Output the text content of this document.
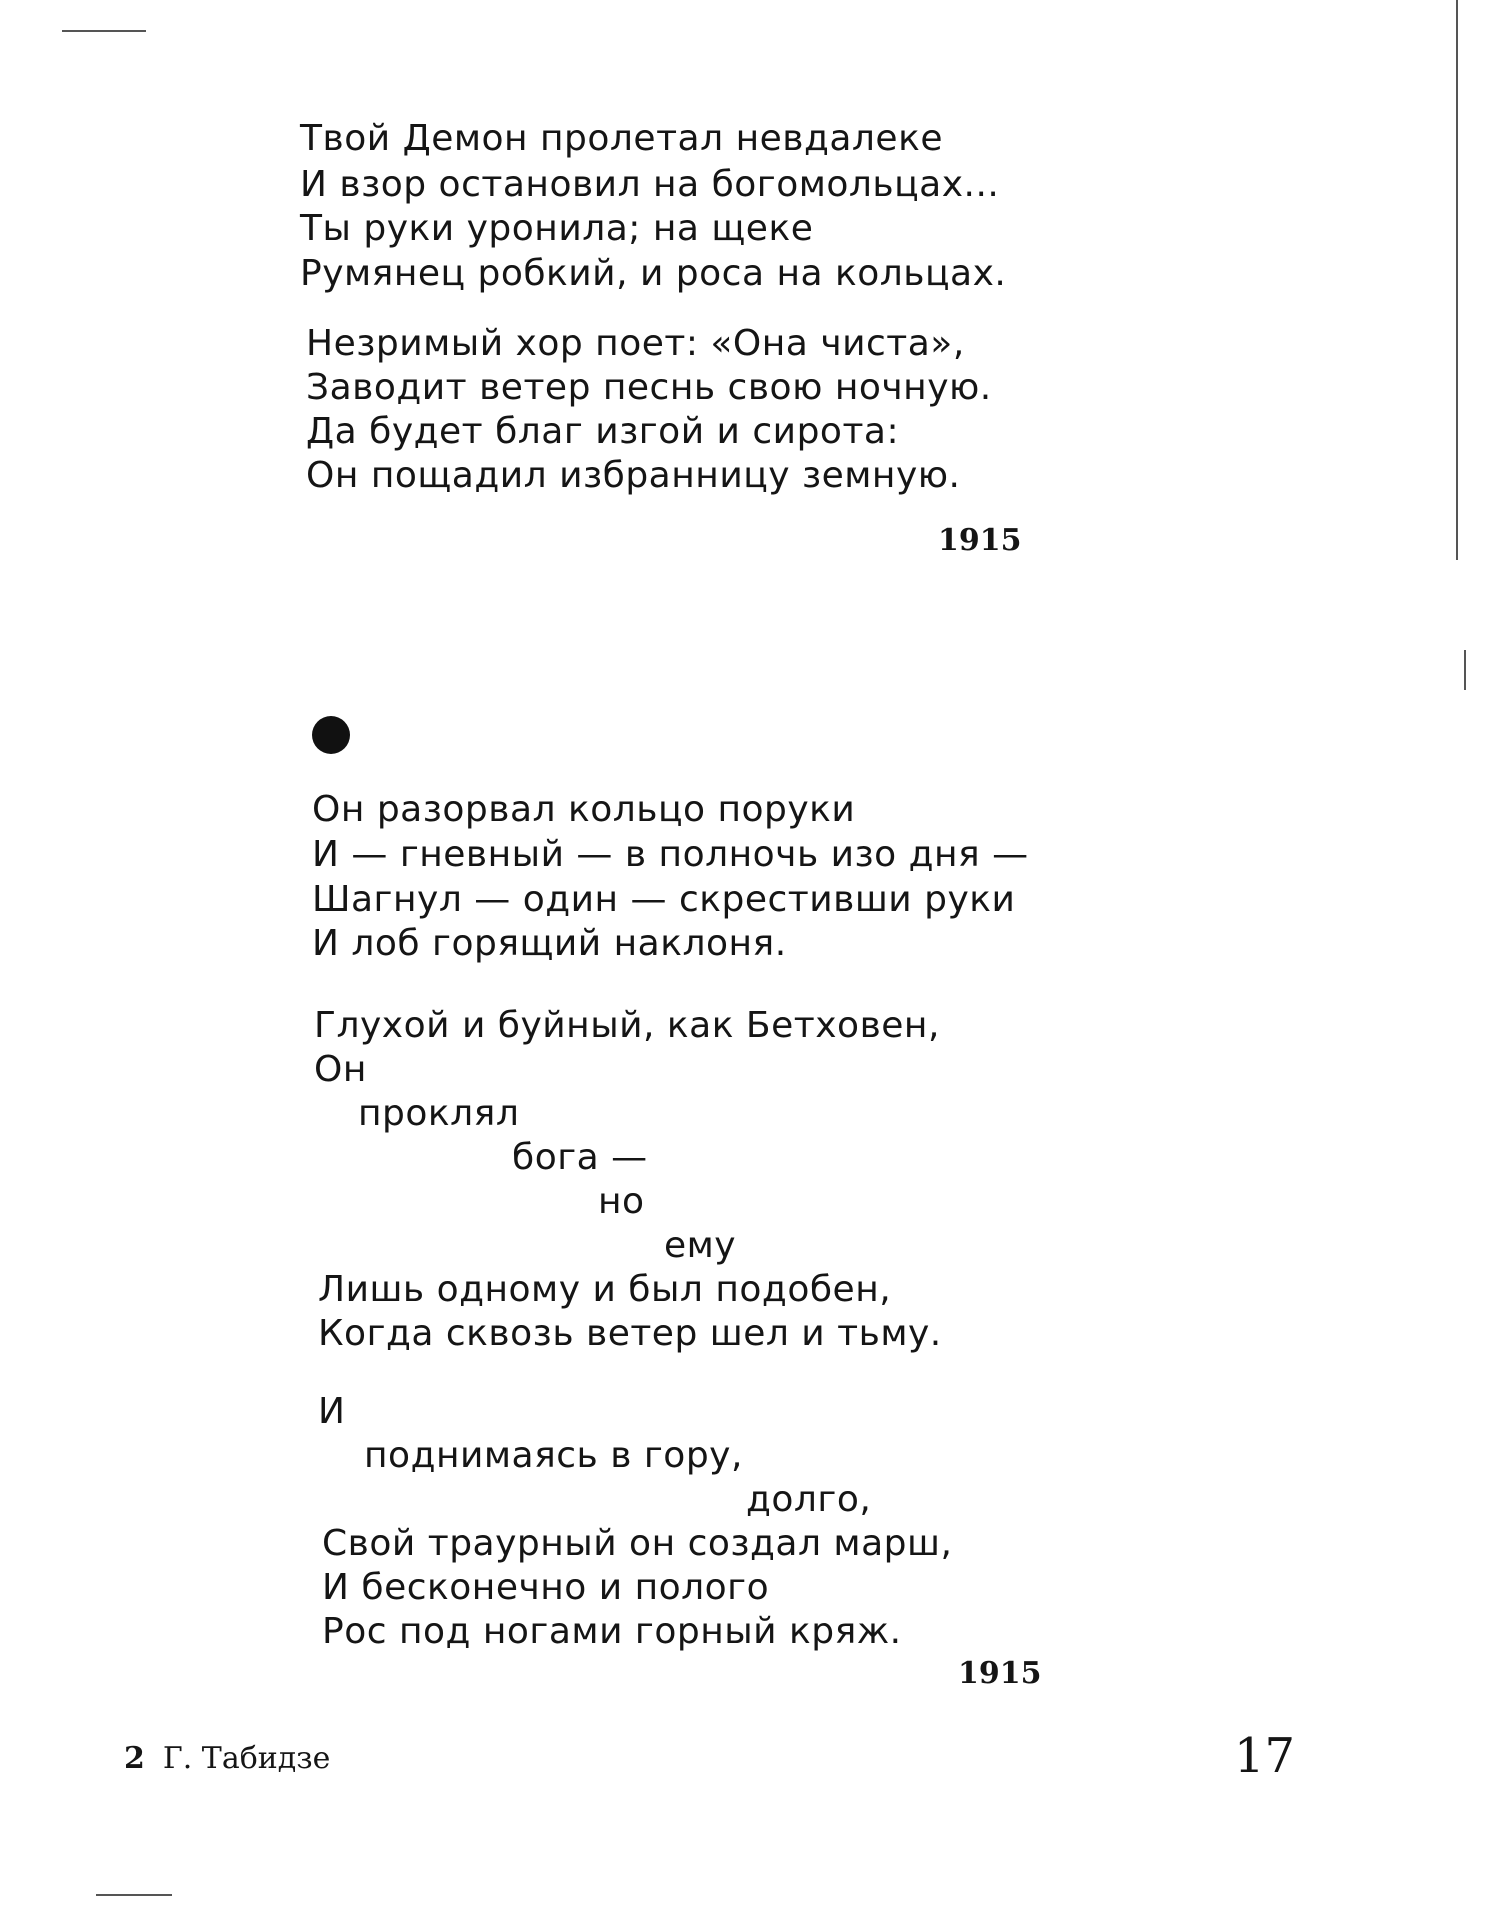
Твой Демон пролетал невдалеке
И взор остановил на богомольцах...
Ты руки уронила; на щеке
Румянец робкий, и роса на кольцах.
Незримый хор поет: «Она чиста»,
Заводит ветер песнь свою ночную.
Да будет благ изгой и сирота:
Он пощадил избранницу земную.
1915
Он разорвал кольцо поруки
И — гневный — в полночь изо дня —
Шагнул — один — скрестивши руки
И лоб горящий наклоня.
Глухой и буйный, как Бетховен,
Он
проклял
бога —
но
ему
Лишь одному и был подобен,
Когда сквозь ветер шел и тьму.
И
поднимаясь в гору,
долго,
Свой траурный он создал марш,
И бесконечно и полого
Рос под ногами горный кряж.
1915
2 Г. Табидзе	17
